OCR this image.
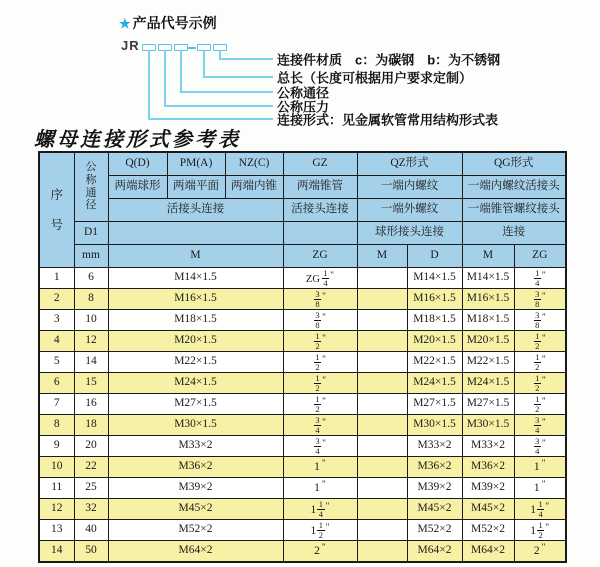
★ 产品代号示例
JR
连接件材质　c：为碳钢　b：为不锈钢
总长（长度可根据用户要求定制）
公称通径
公称压力
连接形式：见金属软管常用结构形式表
螺母连接形式参考表
序
号	公
称
通
径	Q(D)	PM(A)	NZ(C)	GZ	QZ形式		QG形式	
		两端球形	两端平面	两端内锥	两端锥管	一端内螺纹		一端内螺纹活接头	
		活接头连接			活接头连接	一端外螺纹		一端锥管螺纹接头	
	D1					球形接头连接		连接	
	mm	M			ZG	M	D	M	ZG
1	6	M14×1.5			ZG $\frac{1}{4} ^"$		M14×1.5	M14×1.5	$\frac{1}{4} ^"$
2	8	M16×1.5			$\frac{3}{8} ^"$		M16×1.5	M16×1.5	$\frac{3}{8} ^"$
3	10	M18×1.5			$\frac{3}{8} ^"$		M18×1.5	M18×1.5	$\frac{3}{8} ^"$
4	12	M20×1.5			$\frac{1}{2} ^"$		M20×1.5	M20×1.5	$\frac{1}{2} ^"$
5	14	M22×1.5			$\frac{1}{2} ^"$		M22×1.5	M22×1.5	$\frac{1}{2} ^"$
6	15	M24×1.5			$\frac{1}{2} ^"$		M24×1.5	M24×1.5	$\frac{1}{2} ^"$
7	16	M27×1.5			$\frac{1}{2} ^"$		M27×1.5	M27×1.5	$\frac{1}{2} ^"$
8	18	M30×1.5			$\frac{3}{4} ^"$		M30×1.5	M30×1.5	$\frac{3}{4} ^"$
9	20	M33×2			$\frac{3}{4} ^"$		M33×2	M33×2	$\frac{3}{4} ^"$
10	22	M36×2			1 "		M36×2	M36×2	1 "
11	25	M39×2			1 "		M39×2	M39×2	1 "
12	32	M45×2			$1 \frac{1}{4} ^"$		M45×2	M45×2	$1 \frac{1}{4} ^"$
13	40	M52×2			$1 \frac{1}{2} ^"$		M52×2	M52×2	$1 \frac{1}{2} ^"$
14	50	M64×2			2 "		M64×2	M64×2	2 "
